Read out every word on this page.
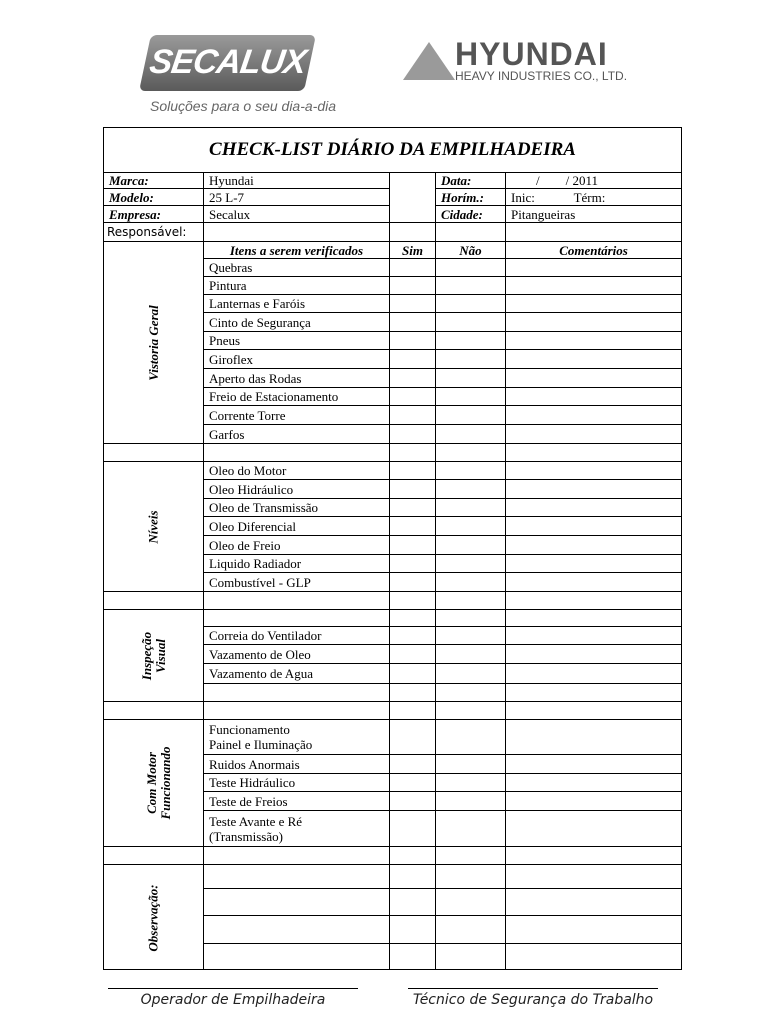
SECALUX
Soluções para o seu dia-a-dia
HYUNDAI
HEAVY INDUSTRIES CO., LTD.
CHECK-LIST DIÁRIO DA EMPILHADEIRA				
Marca:	Hyundai		Data:	/        / 2011
Modelo:	25 L-7		Horím.:	Inic:            Térm:
Empresa:	Secalux		Cidade:	Pitangueiras
Responsável:				
Vistoria Geral	Itens a serem verificados	Sim	Não	Comentários
	Quebras			
	Pintura			
	Lanternas e Faróis			
	Cinto de Segurança			
	Pneus			
	Giroflex			
	Aperto das Rodas			
	Freio de Estacionamento			
	Corrente Torre			
	Garfos			

Níveis	Oleo do Motor			
	Oleo Hidráulico			
	Oleo de Transmissão			
	Oleo Diferencial			
	Oleo de Freio			
	Liquido Radiador			
	Combustível - GLP			

Inspeção Visual				
	Correia do Ventilador			
	Vazamento de Oleo			
	Vazamento de Agua			

Com Motor Funcionando	Funcionamento
Painel e Iluminação			
	Ruidos Anormais			
	Teste Hidráulico			
	Teste de Freios			
	Teste Avante e Ré
(Transmissão)			

Observação:				

Operador de Empilhadeira	Técnico de Segurança do Trabalho
